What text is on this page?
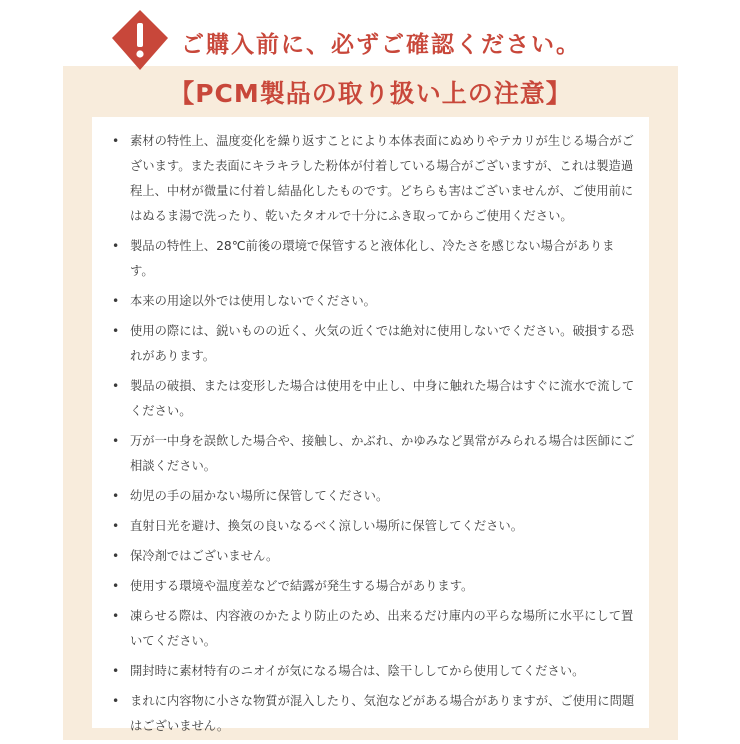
ご購入前に、必ずご確認ください。
【PCM製品の取り扱い上の注意】
• 素材の特性上、温度変化を繰り返すことにより本体表面にぬめりやテカリが生じる場合がございます。また表面にキラキラした粉体が付着している場合がございますが、これは製造過程上、中材が微量に付着し結晶化したものです。どちらも害はございませんが、ご使用前にはぬるま湯で洗ったり、乾いたタオルで十分にふき取ってからご使用ください。
• 製品の特性上、28℃前後の環境で保管すると液体化し、冷たさを感じない場合があります。
• 本来の用途以外では使用しないでください。
• 使用の際には、鋭いものの近く、火気の近くでは絶対に使用しないでください。破損する恐れがあります。
• 製品の破損、または変形した場合は使用を中止し、中身に触れた場合はすぐに流水で流してください。
• 万が一中身を誤飲した場合や、接触し、かぶれ、かゆみなど異常がみられる場合は医師にご相談ください。
• 幼児の手の届かない場所に保管してください。
• 直射日光を避け、換気の良いなるべく涼しい場所に保管してください。
• 保冷剤ではございません。
• 使用する環境や温度差などで結露が発生する場合があります。
• 凍らせる際は、内容液のかたより防止のため、出来るだけ庫内の平らな場所に水平にして置いてください。
• 開封時に素材特有のニオイが気になる場合は、陰干ししてから使用してください。
• まれに内容物に小さな物質が混入したり、気泡などがある場合がありますが、ご使用に問題はございません。
